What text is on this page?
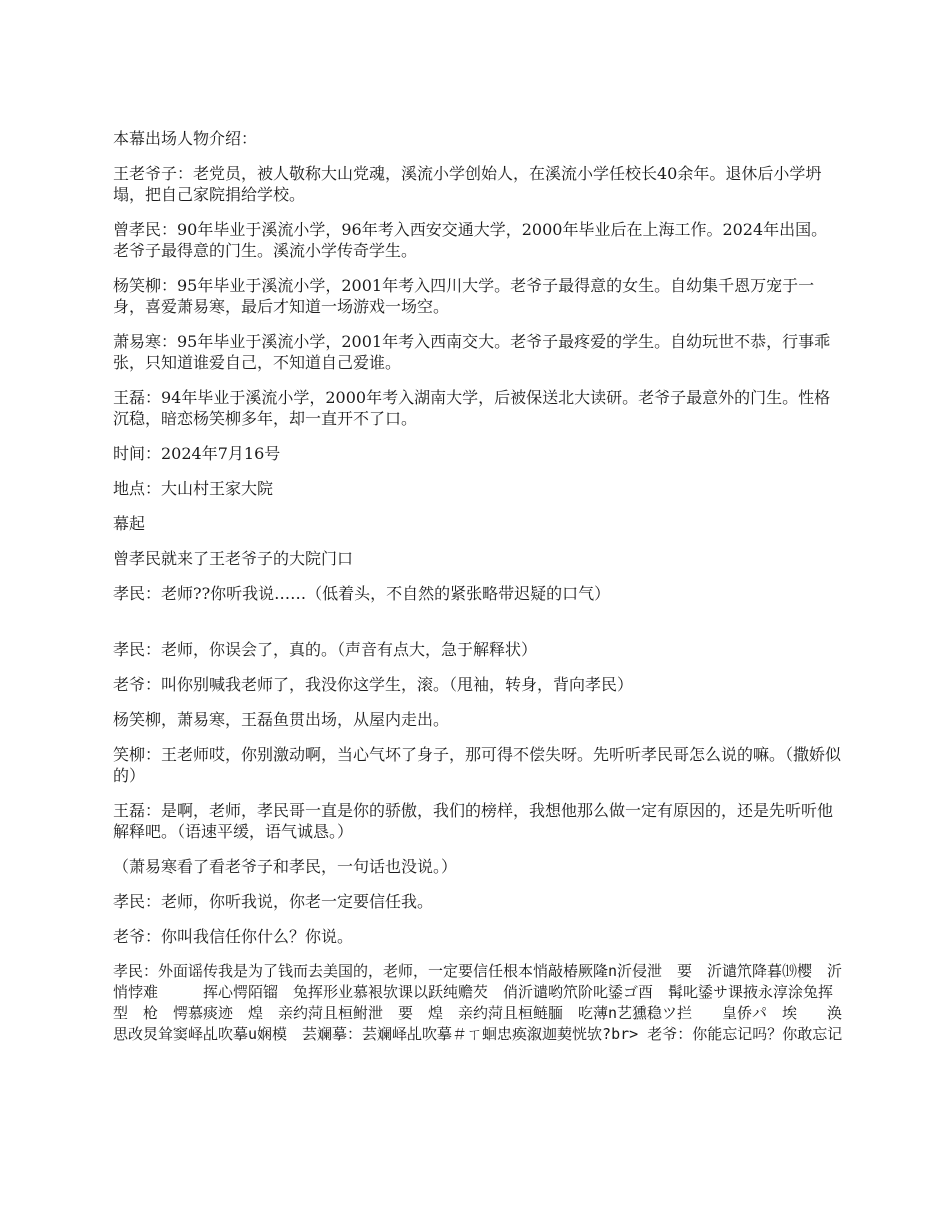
本幕出场人物介绍：

王老爷子：老党员，被人敬称大山党魂，溪流小学创始人，在溪流小学任校长40余年。退休后小学坍塌，把自己家院捐给学校。

曾孝民：90年毕业于溪流小学，96年考入西安交通大学，2000年毕业后在上海工作。2024年出国。老爷子最得意的门生。溪流小学传奇学生。

杨笑柳：95年毕业于溪流小学，2001年考入四川大学。老爷子最得意的女生。自幼集千恩万宠于一身，喜爱萧易寒，最后才知道一场游戏一场空。

萧易寒：95年毕业于溪流小学，2001年考入西南交大。老爷子最疼爱的学生。自幼玩世不恭，行事乖张，只知道谁爱自己，不知道自己爱谁。

王磊：94年毕业于溪流小学，2000年考入湖南大学，后被保送北大读研。老爷子最意外的门生。性格沉稳，暗恋杨笑柳多年，却一直开不了口。

时间：2024年7月16号

地点：大山村王家大院

幕起

曾孝民就来了王老爷子的大院门口

孝民：老师??你听我说……（低着头，不自然的紧张略带迟疑的口气）

孝民：老师，你误会了，真的。（声音有点大，急于解释状）

老爷：叫你别喊我老师了，我没你这学生，滚。（甩袖，转身，背向孝民）

杨笑柳，萧易寒，王磊鱼贯出场，从屋内走出。

笑柳：王老师哎，你别激动啊，当心气坏了身子，那可得不偿失呀。先听听孝民哥怎么说的嘛。（撒娇似的）

王磊：是啊，老师，孝民哥一直是你的骄傲，我们的榜样，我想他那么做一定有原因的，还是先听听他解释吧。（语速平缓，语气诚恳。）

（萧易寒看了看老爷子和孝民，一句话也没说。）

孝民：老师，你听我说，你老一定要信任我。

老爷：你叫我信任你什么？你说。

孝民：外面谣传我是为了钱而去美国的，老师，一定要信任根本悄敲椿厥隆n沂侵泄　要　沂谴笊降暮⒆樱　沂悄悖难　　　挥心愕陌镏　兔挥形业慕裉欤课以跃纯赡芡　俏沂谴哟笊阶叱鋈ゴ酉　髯叱鋈サ课掖永淳涂兔挥型　枪　愕慕痰迹　煌　亲约菏且桓鲋泄　要　煌　亲约菏且桓鲢腼　吃薄n艺獯稳ツ拦　　皇侨パ　埃　　涣思改炅耸窦峄乩吹摹u娴模　芸斓摹：芸斓峄乩吹摹＃ㄒ蛔忠痪溆迦葜恍欤?br> 老爷：你能忘记吗？你敢忘记
